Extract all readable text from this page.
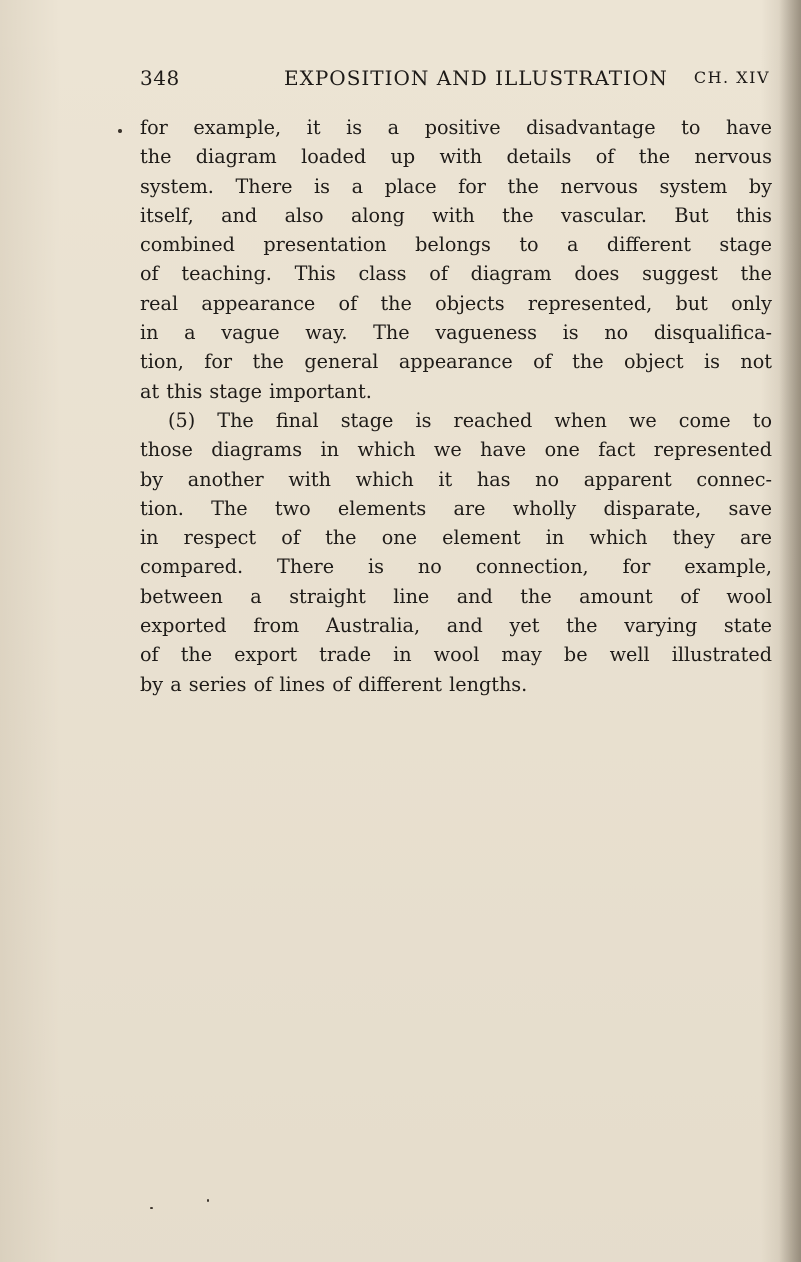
348	EXPOSITION AND ILLUSTRATION CH. XIV
for example, it is a positive disadvantage to have
the diagram loaded up with details of the nervous
system. There is a place for the nervous system by
itself, and also along with the vascular. But this
combined presentation belongs to a different stage
of teaching. This class of diagram does suggest the
real appearance of the objects represented, but only
in a vague way. The vagueness is no disqualifica-
tion, for the general appearance of the object is not
at this stage important.
(5) The final stage is reached when we come to
those diagrams in which we have one fact represented
by another with which it has no apparent connec-
tion. The two elements are wholly disparate, save
in respect of the one element in which they are
compared. There is no connection, for example,
between a straight line and the amount of wool
exported from Australia, and yet the varying state
of the export trade in wool may be well illustrated
by a series of lines of different lengths.
